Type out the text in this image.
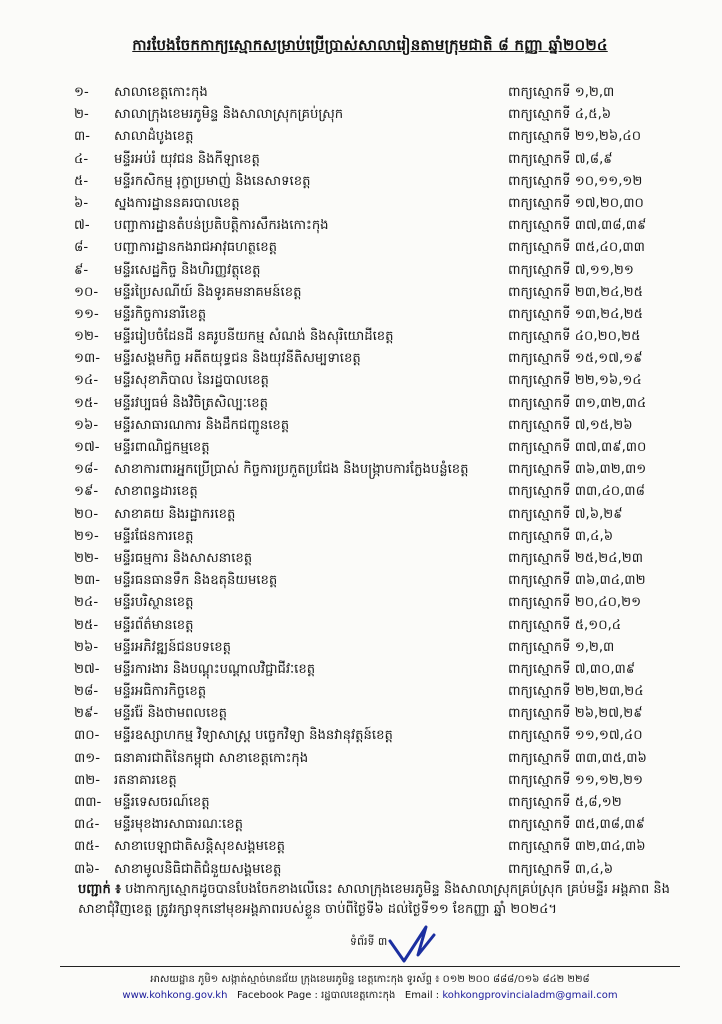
ការបែងចែកកាក្យស្មោកសម្រាប់ប្រើប្រាស់សាលារៀនតាមក្រុមជាតិ ៨ កញ្ញា ឆ្នាំ២០២៤
១-	សាលាខេត្តកោះកុង	ពាក្យស្មោកទី ១,២,៣
២-	សាលាក្រុងខេមរភូមិន្ទ និងសាលាស្រុកគ្រប់ស្រុក	ពាក្យស្មោកទី ៤,៥,៦
៣-	សាលាដំបូងខេត្ត	ពាក្យស្មោកទី ២១,២៦,៤០
៤-	មន្ទីរអប់រំ យុវជន និងកីឡាខេត្ត	ពាក្យស្មោកទី ៧,៨,៩
៥-	មន្ទីរកសិកម្ម រុក្ខាប្រមាញ់ និងនេសាទខេត្ត	ពាក្យស្មោកទី ១០,១១,១២
៦-	ស្នងការដ្ឋាននគរបាលខេត្ត	ពាក្យស្មោកទី ១៧,២០,៣០
៧-	បញ្ជាការដ្ឋានតំបន់ប្រតិបត្តិការសឹករងកោះកុង	ពាក្យស្មោកទី ៣៧,៣៨,៣៩
៨-	បញ្ជាការដ្ឋានកងរាជអាវុធហត្ថខេត្ត	ពាក្យស្មោកទី ៣៥,៤០,៣៣
៩-	មន្ទីរសេដ្ឋកិច្ច និងហិរញ្ញវត្ថុខេត្ត	ពាក្យស្មោកទី ៧,១១,២១
១០-	មន្ទីរប្រៃសណីយ៍ និងទូរគមនាគមន៍ខេត្ត	ពាក្យស្មោកទី ២៣,២៤,២៥
១១-	មន្ទីរកិច្ចការនារីខេត្ត	ពាក្យស្មោកទី ១៣,២៤,២៥
១២-	មន្ទីររៀបចំដែនដី នគរូបនីយកម្ម សំណង់ និងសុរិយោដីខេត្ត	ពាក្យស្មោកទី ៤០,២០,២៥
១៣-	មន្ទីរសង្គមកិច្ច អតីតយុទ្ធជន និងយុវនីតិសម្បទាខេត្ត	ពាក្យស្មោកទី ១៥,១៧,១៩
១៤-	មន្ទីរសុខាភិបាល នៃរដ្ឋបាលខេត្ត	ពាក្យស្មោកទី ២២,១៦,១៤
១៥-	មន្ទីរវប្បធម៌ និងវិចិត្រសិល្បៈខេត្ត	ពាក្យស្មោកទី ៣១,៣២,៣៤
១៦-	មន្ទីរសាធារណការ និងដឹកជញ្ជូនខេត្ត	ពាក្យស្មោកទី ៧,១៥,២៦
១៧-	មន្ទីរពាណិជ្ជកម្មខេត្ត	ពាក្យស្មោកទី ៣៧,៣៩,៣០
១៨-	សាខាការពារអ្នកប្រើប្រាស់ កិច្ចការប្រកួតប្រជែង និងបង្ក្រាបការក្លែងបន្លំខេត្ត	ពាក្យស្មោកទី ៣៦,៣២,៣១
១៩-	សាខាពន្ធដារខេត្ត	ពាក្យស្មោកទី ៣៣,៤០,៣៨
២០-	សាខាគយ និងរដ្ឋាករខេត្ត	ពាក្យស្មោកទី ៧,៦,២៩
២១-	មន្ទីរផែនការខេត្ត	ពាក្យស្មោកទី ៣,៤,៦
២២-	មន្ទីរធម្មការ និងសាសនាខេត្ត	ពាក្យស្មោកទី ២៥,២៤,២៣
២៣-	មន្ទីរធនធានទឹក និងឧតុនិយមខេត្ត	ពាក្យស្មោកទី ៣៦,៣៤,៣២
២៤-	មន្ទីរបរិស្ថានខេត្ត	ពាក្យស្មោកទី ២០,៤០,២១
២៥-	មន្ទីរព័ត៌មានខេត្ត	ពាក្យស្មោកទី ៥,១០,៤
២៦-	មន្ទីរអភិវឌ្ឍន៍ជនបទខេត្ត	ពាក្យស្មោកទី ១,២,៣
២៧-	មន្ទីរការងារ និងបណ្តុះបណ្តាលវិជ្ជាជីវៈខេត្ត	ពាក្យស្មោកទី ៧,៣០,៣៩
២៨-	មន្ទីរអធិការកិច្ចខេត្ត	ពាក្យស្មោកទី ២២,២៣,២៤
២៩-	មន្ទីររ៉ែ និងថាមពលខេត្ត	ពាក្យស្មោកទី ២៦,២៧,២៩
៣០-	មន្ទីរឧស្សាហកម្ម វិទ្យាសាស្ត្រ បច្ចេកវិទ្យា និងនវានុវត្តន៍ខេត្ត	ពាក្យស្មោកទី ១១,១៧,៤០
៣១-	ធនាគារជាតិនៃកម្ពុជា សាខាខេត្តកោះកុង	ពាក្យស្មោកទី ៣៣,៣៥,៣៦
៣២-	រតនាគារខេត្ត	ពាក្យស្មោកទី ១១,១២,២១
៣៣- មន្ទីរទេសចរណ៍ខេត្ត	ពាក្យស្មោកទី ៥,៨,១២
៣៤-	មន្ទីរមុខងារសាធារណៈខេត្ត	ពាក្យស្មោកទី ៣៥,៣៨,៣៩
៣៥-	សាខាបេឡាជាតិសន្តិសុខសង្គមខេត្ត	ពាក្យស្មោកទី ៣២,៣៤,៣៦
៣៦-	សាខាមូលនិធិជាតិជំនួយសង្គមខេត្ត	ពាក្យស្មោកទី ៣,៤,៦
បញ្ជាក់ ៖ បងាកាក្យស្មោកដូចបានបែងចែកខាងលើនេះ សាលាក្រុងខេមរភូមិន្ទ និងសាលាស្រុកគ្រប់ស្រុក គ្រប់មន្ទីរ អង្គភាព និងសាខាជុំវិញខេត្ត ត្រូវរក្សាទុកនៅមុខអង្គភាពរបស់ខ្លួន ចាប់ពីថ្ងៃទី៦ ដល់ថ្ងៃទី១១ ខែកញ្ញា ឆ្នាំ ២០២៤។
ទំព័រទី ៣
អាសយដ្ឋាន ភូមិ១ សង្កាត់ស្មាច់មានជ័យ ក្រុងខេមរភូមិន្ទ ខេត្តកោះកុង ទូរស័ព្ទ ៖ ០១២ ២០០ ៨៨៨/០១៦ ៨៤២ ២២៨
www.kohkong.gov.kh Facebook Page : រដ្ឋបាលខេត្តកោះកុង Email : kohkongprovincialadm@gmail.com
